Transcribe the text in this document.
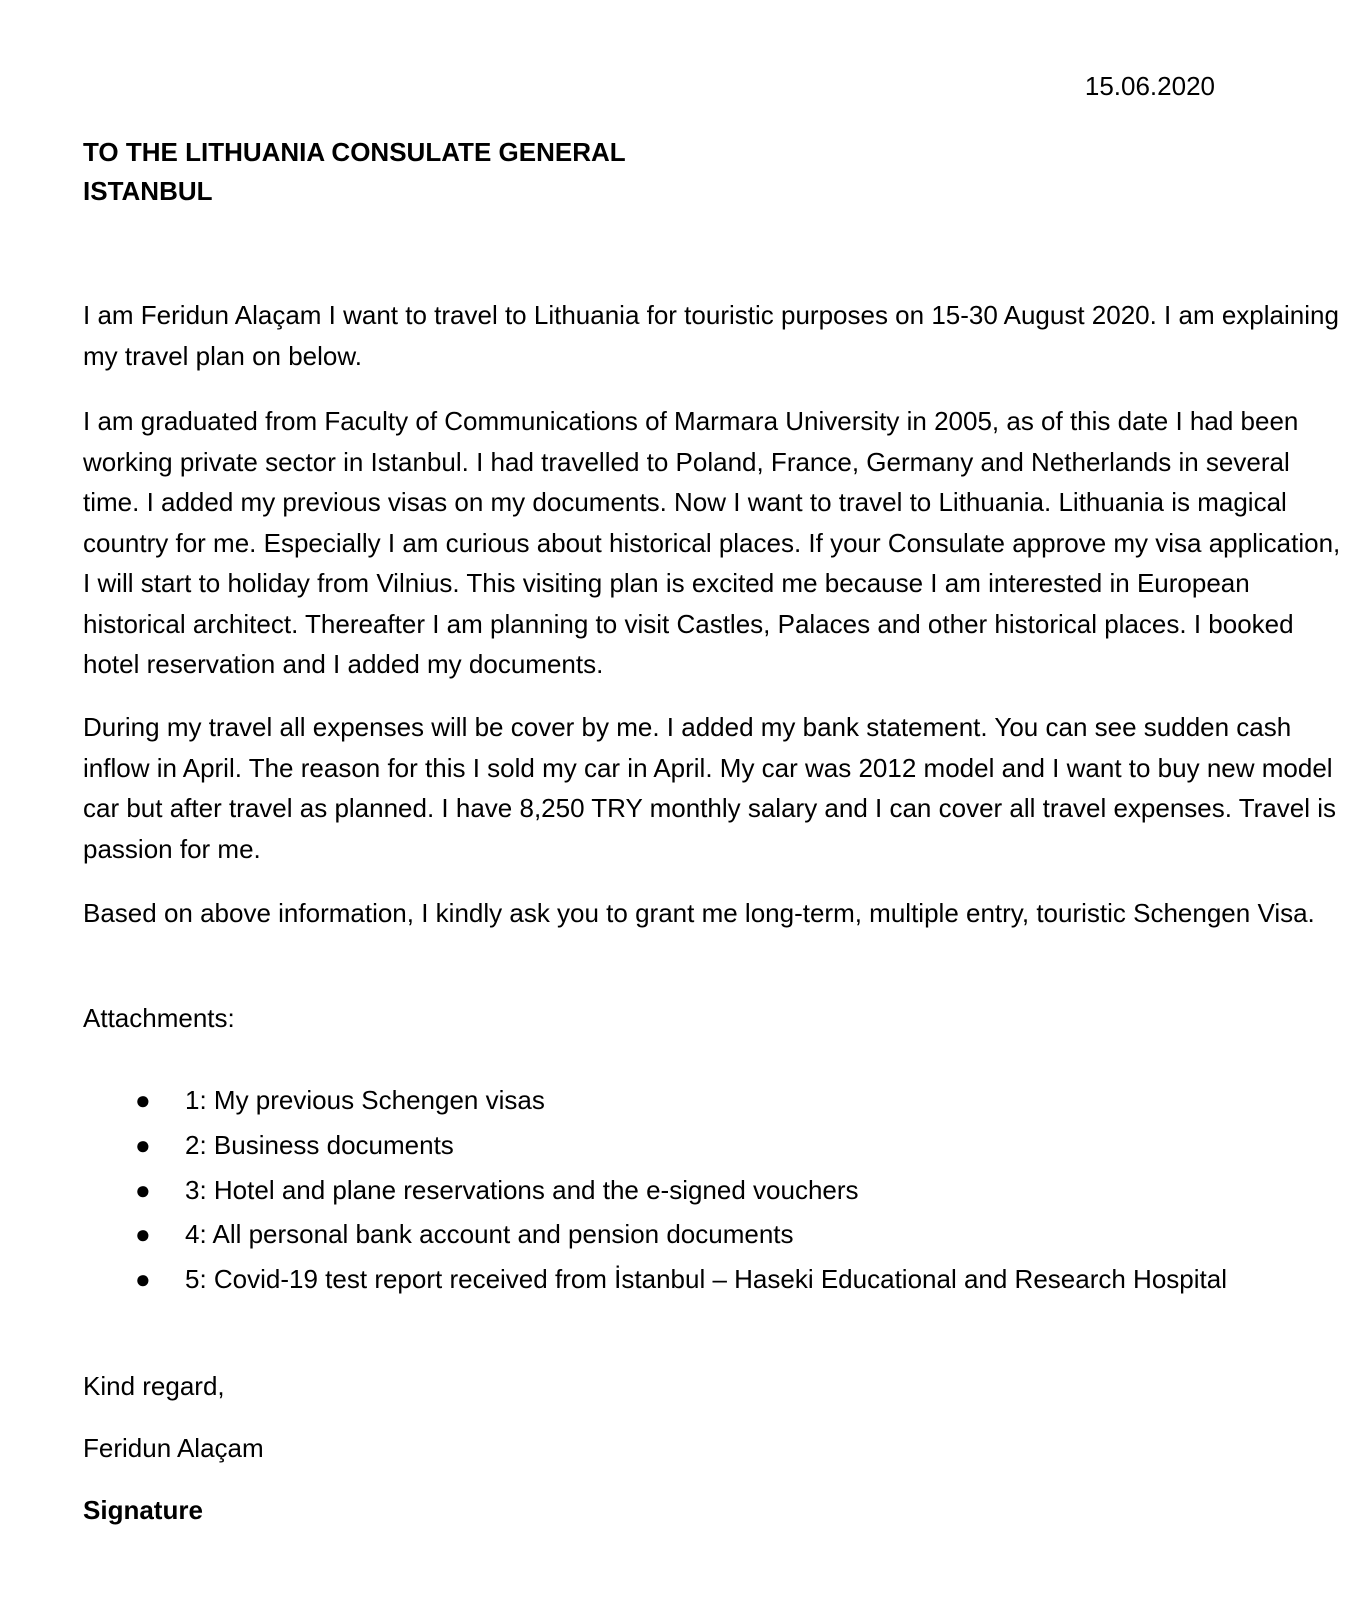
15.06.2020
TO THE LITHUANIA CONSULATE GENERAL
ISTANBUL

I am Feridun Alaçam I want to travel to Lithuania for touristic purposes on 15-30 August 2020. I am explaining my travel plan on below.

I am graduated from Faculty of Communications of Marmara University in 2005, as of this date I had been working private sector in Istanbul. I had travelled to Poland, France, Germany and Netherlands in several time. I added my previous visas on my documents. Now I want to travel to Lithuania. Lithuania is magical country for me. Especially I am curious about historical places. If your Consulate approve my visa application, I will start to holiday from Vilnius. This visiting plan is excited me because I am interested in European historical architect. Thereafter I am planning to visit Castles, Palaces and other historical places. I booked hotel reservation and I added my documents.

During my travel all expenses will be cover by me. I added my bank statement. You can see sudden cash inflow in April. The reason for this I sold my car in April. My car was 2012 model and I want to buy new model car but after travel as planned. I have 8,250 TRY monthly salary and I can cover all travel expenses. Travel is passion for me.

Based on above information, I kindly ask you to grant me long-term, multiple entry, touristic Schengen Visa.

Attachments:

● 1: My previous Schengen visas
● 2: Business documents
● 3: Hotel and plane reservations and the e-signed vouchers
● 4: All personal bank account and pension documents
● 5: Covid-19 test report received from İstanbul – Haseki Educational and Research Hospital
Kind regard,
Feridun Alaçam
Signature
